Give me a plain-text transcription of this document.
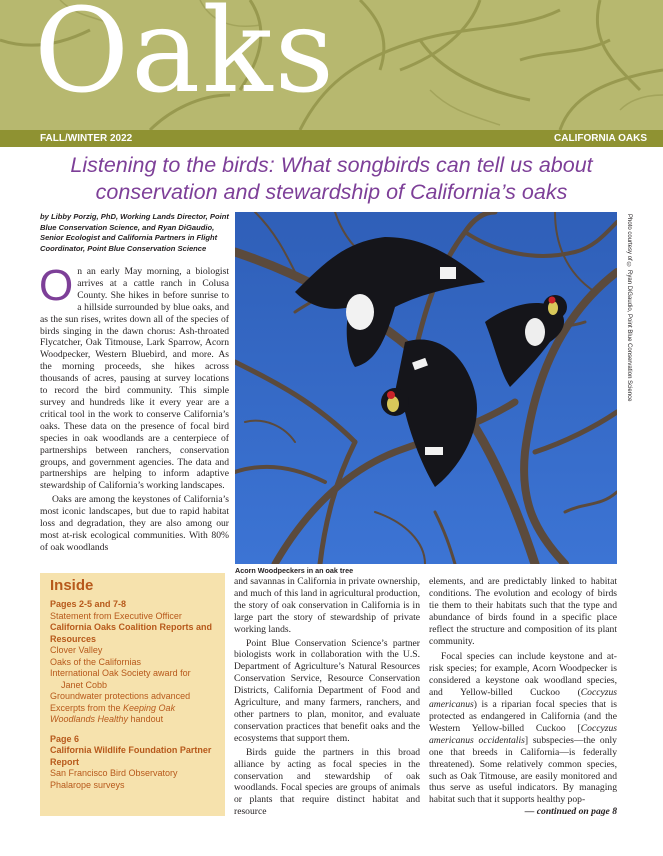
Oaks
FALL/WINTER 2022	CALIFORNIA OAKS
Listening to the birds: What songbirds can tell us about conservation and stewardship of California’s oaks
by Libby Porzig, PhD, Working Lands Director, Point Blue Conservation Science, and Ryan DiGaudio, Senior Ecologist and California Partners in Flight Coordinator, Point Blue Conservation Science

On an early May morning, a biologist arrives at a cattle ranch in Colusa County. She hikes in before sunrise to a hillside surrounded by blue oaks, and as the sun rises, writes down all of the species of birds singing in the dawn chorus: Ash-throated Flycatcher, Oak Titmouse, Lark Sparrow, Acorn Woodpecker, Western Bluebird, and more. As the morning proceeds, she hikes across thousands of acres, pausing at survey locations to record the bird community. This simple survey and hundreds like it every year are a critical tool in the work to conserve California’s oaks. These data on the presence of focal bird species in oak woodlands are a centerpiece of partnerships between ranchers, conservation groups, and government agencies. The data and partnerships are helping to inform adaptive stewardship of California’s working landscapes.

Oaks are among the keystones of California’s most iconic landscapes, but due to rapid habitat loss and degradation, they are also among our most at-risk ecological communities. With 80% of oak woodlands

Photo courtesy of © Ryan DiGaudio, Point Blue Conservation Science
Acorn Woodpeckers in an oak tree
Inside
Pages 2-5 and 7-8
Statement from Executive Officer
California Oaks Coalition Reports and Resources
Clover Valley
Oaks of the Californias
International Oak Society award for
Janet Cobb
Groundwater protections advanced
Excerpts from the Keeping Oak Woodlands Healthy handout
Page 6
California Wildlife Foundation Partner Report
San Francisco Bird Observatory
Phalarope surveys

and savannas in California in private ownership, and much of this land in agricultural production, the story of oak conservation in California is in large part the story of stewardship of private working lands.

Point Blue Conservation Science’s partner biologists work in collaboration with the U.S. Department of Agriculture’s Natural Resources Conservation Service, Resource Conservation Districts, California Department of Food and Agriculture, and many farmers, ranchers, and other partners to plan, monitor, and evaluate conservation practices that benefit oaks and the ecosystems that support them.

Birds guide the partners in this broad alliance by acting as focal species in the conservation and stewardship of oak woodlands. Focal species are groups of animals or plants that require distinct habitat and resource

elements, and are predictably linked to habitat conditions. The evolution and ecology of birds tie them to their habitats such that the type and abundance of birds found in a specific place reflect the structure and composition of its plant community.

Focal species can include keystone and at-risk species; for example, Acorn Woodpecker is considered a keystone oak woodland species, and Yellow-billed Cuckoo (Coccyzus americanus) is a riparian focal species that is protected as endangered in California (and the Western Yellow-billed Cuckoo [Coccyzus americanus occidentalis] subspecies—the only one that breeds in California—is federally threatened). Some relatively common species, such as Oak Titmouse, are easily monitored and thus serve as useful indicators. By managing habitat such that it supports healthy pop-

— continued on page 8
